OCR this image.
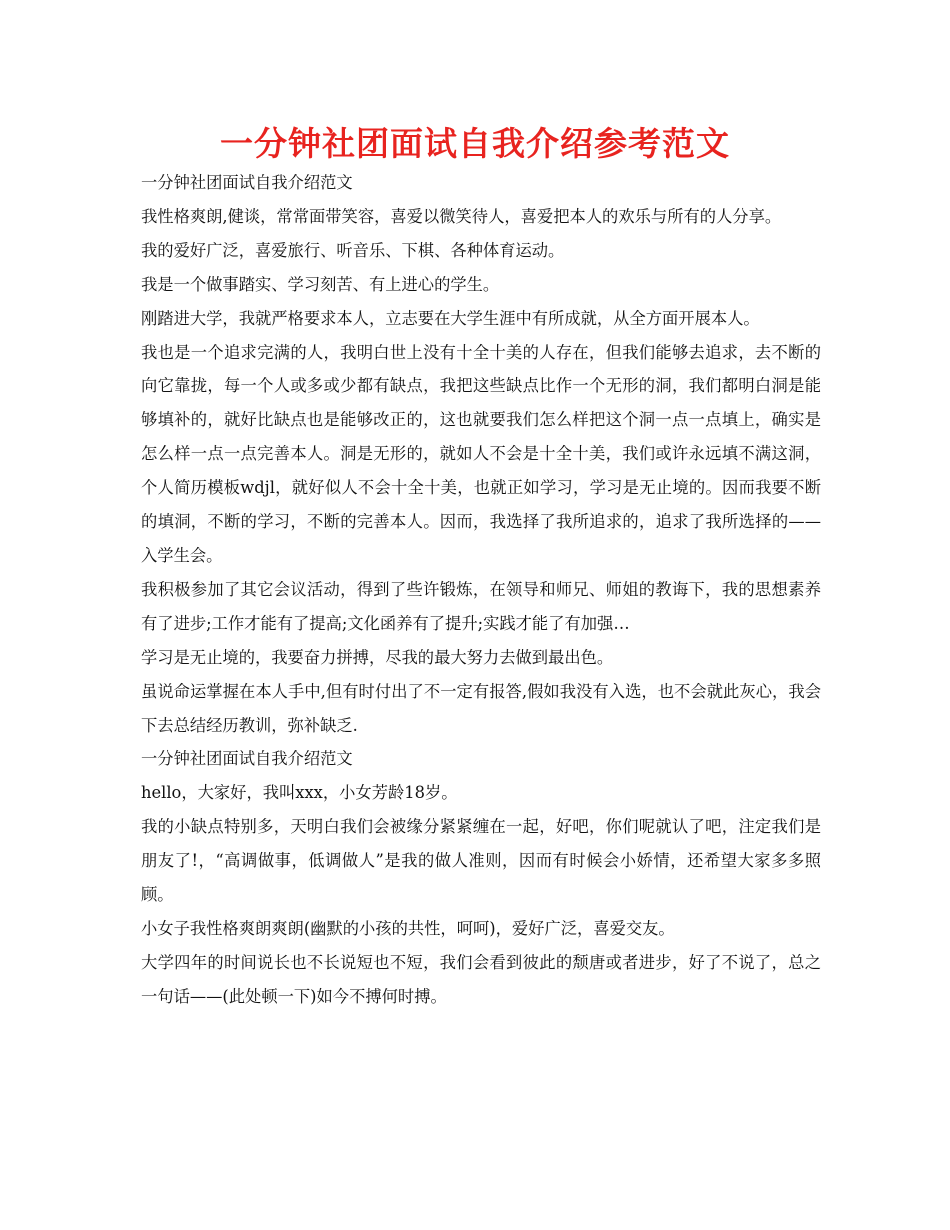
一分钟社团面试自我介绍参考范文

一分钟社团面试自我介绍范文

我性格爽朗,健谈，常常面带笑容，喜爱以微笑待人，喜爱把本人的欢乐与所有的人分享。

我的爱好广泛，喜爱旅行、听音乐、下棋、各种体育运动。

我是一个做事踏实、学习刻苦、有上进心的学生。

刚踏进大学，我就严格要求本人，立志要在大学生涯中有所成就，从全方面开展本人。

我也是一个追求完满的人，我明白世上没有十全十美的人存在，但我们能够去追求，去不断的向它靠拢，每一个人或多或少都有缺点，我把这些缺点比作一个无形的洞，我们都明白洞是能够填补的，就好比缺点也是能够改正的，这也就要我们怎么样把这个洞一点一点填上，确实是怎么样一点一点完善本人。洞是无形的，就如人不会是十全十美，我们或许永远填不满这洞，个人简历模板wdjl，就好似人不会十全十美，也就正如学习，学习是无止境的。因而我要不断的填洞，不断的学习，不断的完善本人。因而，我选择了我所追求的，追求了我所选择的——入学生会。

我积极参加了其它会议活动，得到了些许锻炼，在领导和师兄、师姐的教诲下，我的思想素养有了进步;工作才能有了提高;文化函养有了提升;实践才能了有加强…

学习是无止境的，我要奋力拼搏，尽我的最大努力去做到最出色。

虽说命运掌握在本人手中,但有时付出了不一定有报答,假如我没有入选，也不会就此灰心，我会下去总结经历教训，弥补缺乏.

一分钟社团面试自我介绍范文

hello，大家好，我叫xxx，小女芳龄18岁。

我的小缺点特别多，天明白我们会被缘分紧紧缠在一起，好吧，你们呢就认了吧，注定我们是朋友了!，“高调做事，低调做人”是我的做人准则，因而有时候会小娇情，还希望大家多多照顾。

小女子我性格爽朗爽朗(幽默的小孩的共性，呵呵)，爱好广泛，喜爱交友。

大学四年的时间说长也不长说短也不短，我们会看到彼此的颓唐或者进步，好了不说了，总之一句话——(此处顿一下)如今不搏何时搏。
